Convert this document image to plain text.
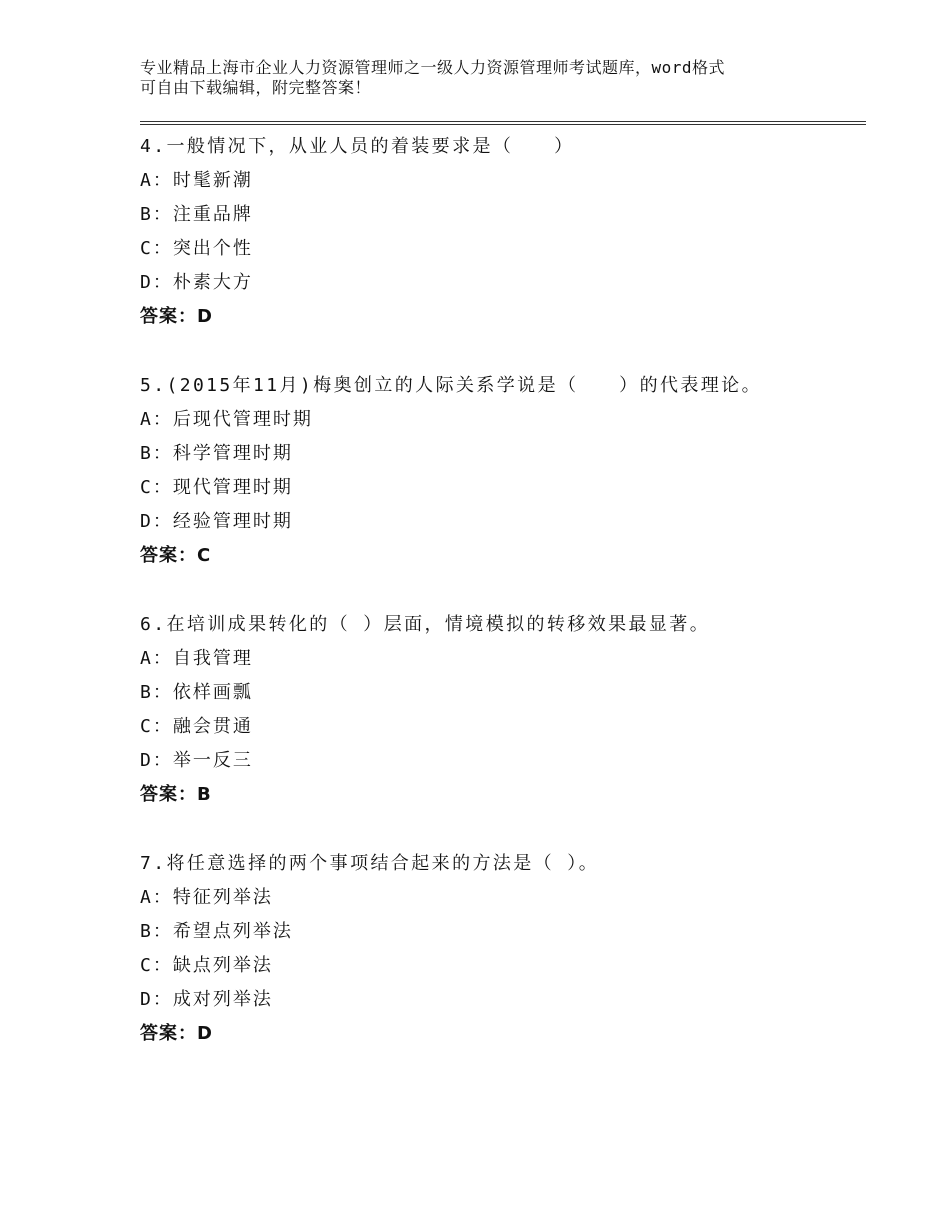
专业精品上海市企业人力资源管理师之一级人力资源管理师考试题库，word格式
可自由下载编辑，附完整答案！
4.一般情况下，从业人员的着装要求是（　　）
A：时髦新潮
B：注重品牌
C：突出个性
D：朴素大方
答案：D
5.(2015年11月)梅奥创立的人际关系学说是（　　）的代表理论。
A：后现代管理时期
B：科学管理时期
C：现代管理时期
D：经验管理时期
答案：C
6.在培训成果转化的（ ）层面，情境模拟的转移效果最显著。
A：自我管理
B：依样画瓢
C：融会贯通
D：举一反三
答案：B
7.将任意选择的两个事项结合起来的方法是（ ）。
A：特征列举法
B：希望点列举法
C：缺点列举法
D：成对列举法
答案：D
